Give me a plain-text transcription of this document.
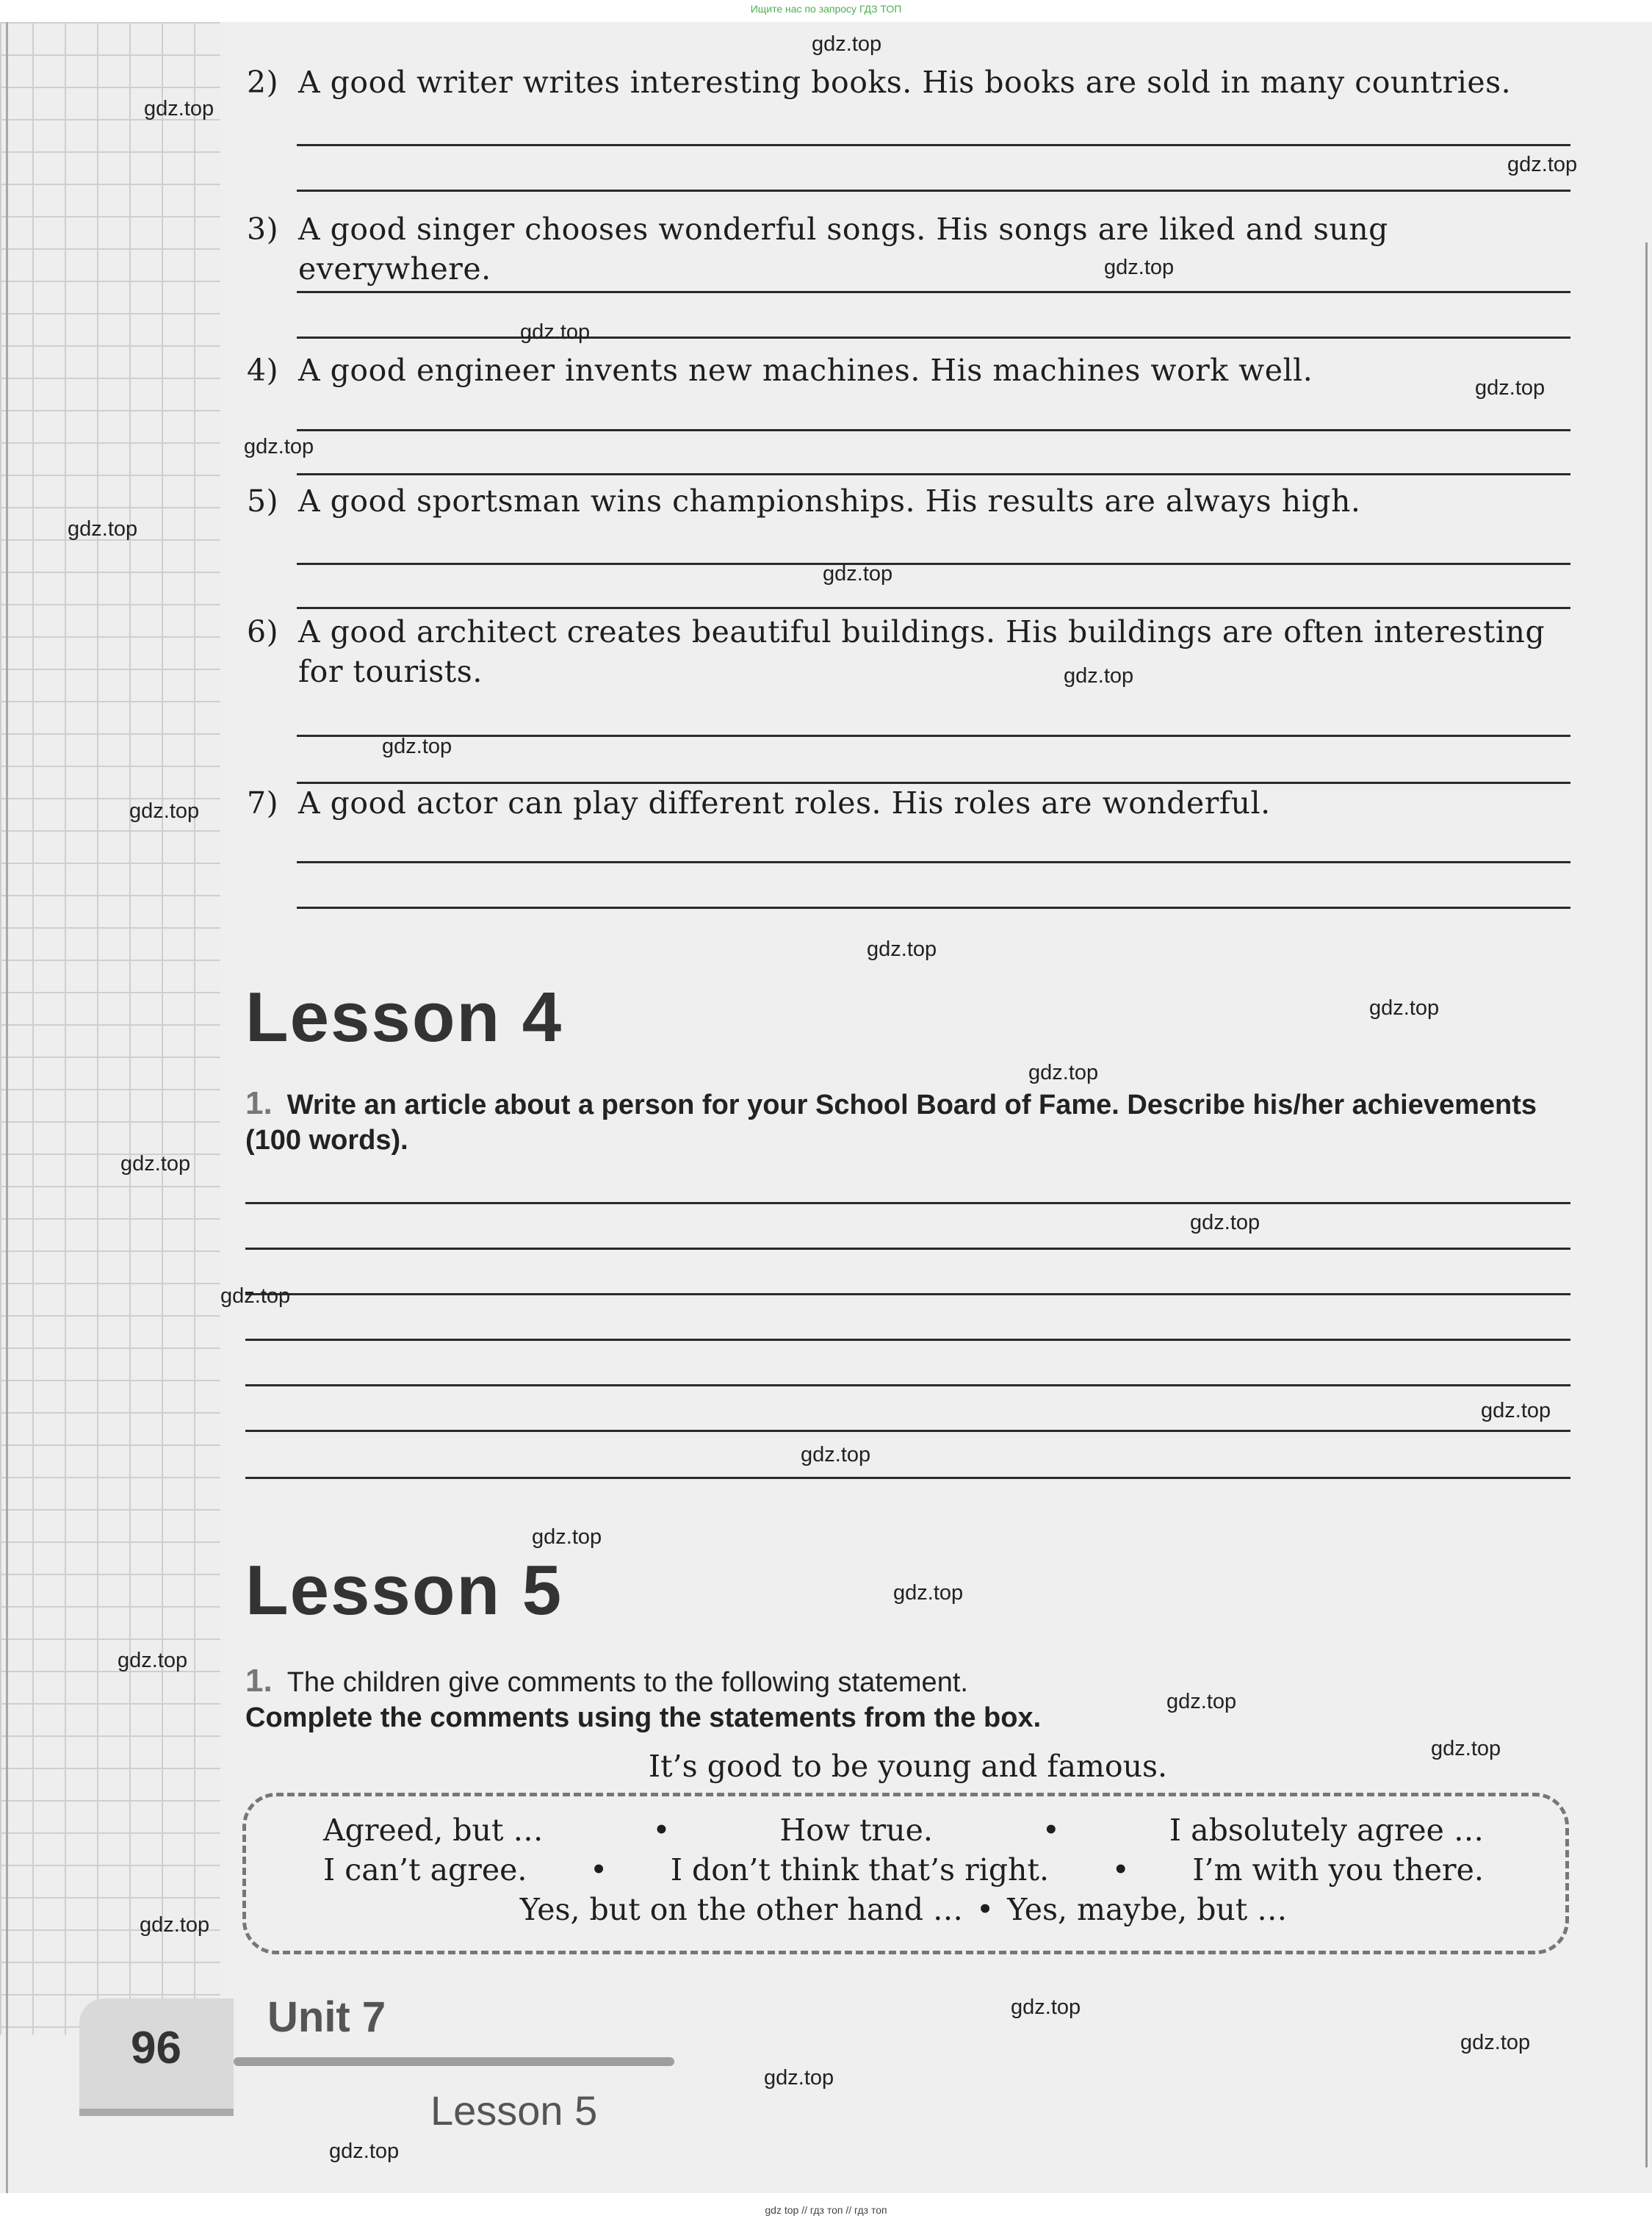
Ищите нас по запросу ГДЗ ТОП
2) A good writer writes interesting books. His books are sold in many countries.
3) A good singer chooses wonderful songs. His songs are liked and sung everywhere.
4) A good engineer invents new machines. His machines work well.
5) A good sportsman wins championships. His results are always high.
6) A good architect creates beautiful buildings. His buildings are often interesting for tourists.
7) A good actor can play different roles. His roles are wonderful.
Lesson 4
1. Write an article about a person for your School Board of Fame. Describe his/her achievements (100 words).
Lesson 5
1. The children give comments to the following statement.
Complete the comments using the statements from the box.
It’s good to be young and famous.
Agreed, but …	•	How true.	•	I absolutely agree …
I can’t agree. • I don’t think that’s right. • I’m with you there.
Yes, but on the other hand … • Yes, maybe, but …
96
Unit 7
Lesson 5
gdz.top
gdz.top
gdz.top
gdz.top
gdz.top
gdz.top
gdz.top
gdz.top
gdz.top
gdz.top
gdz.top
gdz.top
gdz.top
gdz.top
gdz.top
gdz.top
gdz.top
gdz.top
gdz.top
gdz.top
gdz.top
gdz.top
gdz.top
gdz.top
gdz.top
gdz.top
gdz.top
gdz.top
gdz.top
gdz.top
gdz top // гдз топ // гдз топ
